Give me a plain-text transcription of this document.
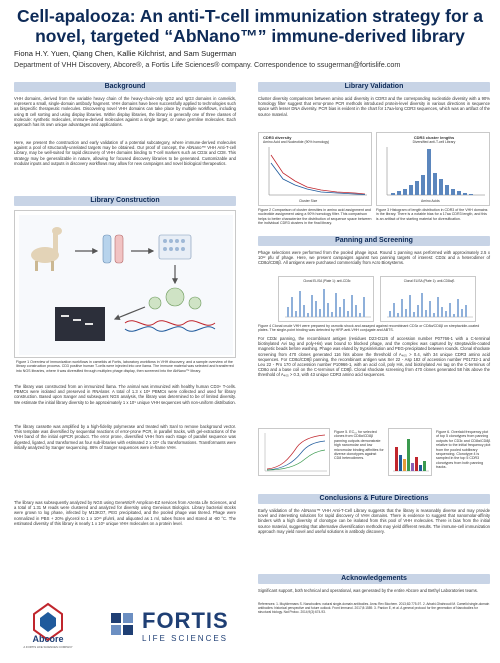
Cell-apalooza: An anti-T-cell immunization strategy for a
novel, targeted “AbNano™” immune-derived library
Fiona H.Y. Yuen, Qiang Chen, Kallie Kilchrist, and Sam Sugerman
Department of VHH Discovery, Abcore®, a Fortis Life Sciences® company. Correspondence to ssugerman@fortislife.com
Background
VHH domains, derived from the variable heavy chain of the heavy-chain-only IgG2 and IgG3 domains in camelids, represent a small, single-domain antibody fragment. VHH domains have been successfully applied to technologies such as bispecific therapeutic molecules. Discovering novel VHH domains can take place by multiple workflows, including using B cell sorting and using display libraries. Within display libraries, the library is generally one of three classes of molecule: synthetic molecules, immune-derived molecules against a single target, or naïve germline molecules. Each approach has its own unique advantages and applications.
Here, we present the construction and early validation of a potential subcategory, where immune-derived molecules against a pool of structurally-unrelated targets may be obtained. Our proof of concept, the AbNano™ VHH Anti-T-cell Library, may be well-suited for rapid discovery of VHH domains binding to T-cell markers such as CD3ε and CD8. This strategy may be generalizable in nature, allowing for focused discovery libraries to be generated. Customizable and modular inputs and outputs in discovery workflows may allow for new campaigns and novel biological therapeutics.
Library Construction
Figure 1 Overview of immunization workflows in camelids at Fortis, laboratory workflows in VHH discovery, and a sample overview of the library construction process. CD3 positive human T-cells were injected into one llama. The immune material was selected and transferred into NGS libraries, where it was diversified through multiplex phage display, then screened into the AbNano™ library.
The library was constructed from an immunized llama. The animal was immunized with healthy human CD3+ T-cells. PBMCs were isolated and preserved in RNAlater. A total of 1.3 x 10⁸ PBMCs were collected and used for library construction. Based upon Sanger and subsequent NGS analysis, the library was determined to be of limited diversity. We estimate the initial library diversity to be approximately 1 x 10⁹ unique VHH sequences with non-uniform distribution.
The library cassette was amplified by a high-fidelity polymerase and treated with Sanl to remove background vector. This template was diversified by sequential reactions of error-prone PCR, in parallel tracks, with gel-extractions of the VHH band of the initial epPCR product. The error prone, diversified VHH from each stage of parallel sequence was digested, ligated, and transformed as four sub-libraries with estimated 2 x 10⁹ cfu transformations. Transformants were initially analyzed by Sanger sequencing. 86% of Sanger sequences were in-frame VHH.
The library was subsequently analyzed by NGS using GeneWiz® Amplicon-EZ services from Azenta Life Sciences, and a total of 1.31 M reads were clustered and analyzed for diversity using Geneious Biologics. Library bacterial stocks were grown to log phase, infected by M13KO7, PEG precipitated, and the pooled phage was titered. Phage were normalized in PBS + 20% glycerol to 1 x 10¹³ pfu/ml, and aliquoted as 1 ml, tubes frozen and stored at -80 °C. The estimated diversity of this library is nearly 1 x 10⁹ unique VHH molecules on a protein level.
Abcore
A FORTIS LIFE SCIENCES COMPANY
FORTIS
LIFE SCIENCES
Library Validation
Cluster diversity comparisons between amino acid diversity in CDR3 and the corresponding nucleotide diversity with a 90% homology filter suggest that error-prone PCR methods introduced protein-level diversity in various directions in sequence space with lesser DNA diversity. PCR bias is evident in the chart for 17aa-long CDR3 sequences, which was an artifact of the source material.
CDR3 diversity
Amino Acid and Nucleotide (90% homology)
Cluster Size
CDR3 cluster lengths
Diversified anti-T-cell Library
Amino Acids
Figure 2 Comparison of cluster densities in amino acid assignment and nucleotide assignment using a 90% homology filter. This comparison helps to better characterize the distribution of sequence space between the individual CDR3 clusters in the final library.
Figure 3 Histogram of length distribution in CDR3 of the VHH domains in the library. There is a notable bias for a 17aa CDR3 length, and this is an artifact of the starting material for diversification.
Panning and Screening
Phage selections were performed from the pooled phage input. Round 1 panning was performed with approximately 2.5 x 10¹² pfu of phage. Here, we present campaigns against two panning targets of interest: CD3ε and a heterodimer of CD8α/CD8β. All antigens were purchased commercially from Acro Biosystems.
Clonal ELISA (Plate 1): anti-CD3ε	Clonal ELISA (Plate 1): anti-CD8α/β
Figure 4 Clonal crude VHH were prepared by osmotic shock and assayed against recombinant CD3ε or CD8α/CD8β on streptavidin-coated plates. The single-point binding was detected by HRP-anti-VHH conjugate and ABTS.
For CD3ε panning, the recombinant antigen (residues D23-D126 of accession number P07766-1 with a C-terminal biotinylated Avi tag and poly-His) was bound to blocked phage, and the complex was captured by streptavidin-coated magnetic beads before washing. Phage was eluted by trypsin/elution and PEG-precipitated between rounds. Clonal shockate screening from 470 clones generated 116 hits above the threshold of A₄₀₅ > 0.4, with 34 unique CDR3 amino acid sequences. For CD8α/CD8β panning, the recombinant antigen was Ser 22 - Asp 182 of accession number P01732-1 and Leu 22 - Pro 170 of accession number P10966-1, with an acid coil, poly His, and biotinylated Avi tag on the C-terminus of CD8α and a base coil on the C-terminus of CD8β. Clonal shockate screening from 470 clones generated 58 hits above the threshold of A₄₀₅ > 0.3, with 43 unique CDR3 amino acid sequences.
Figure 5. EC₅₀ for selected clones from CD8α/CD8β panning outputs demonstrate high nanomolar and low micromolar binding affinities for diverse clonotypes against CD8 heterodimers.
Figure 6. Overlaid frequency plot of top 5 clonotypes from panning outputs for CD3ε and CD8α/CD8β relative to the initial frequency plot from the pooled sublibrary sequencing. Clonotype 4 is sampled in the top 5 CDR3 clonotypes from both panning tracks.
Conclusions & Future Directions
Early validation of the AbNano™ VHH Anti-T-Cell Library suggests that the library is reasonably diverse and may provide novel and interesting solutions for rapid discovery of VHH domains. There is evidence to suggest that nanomolar-affinity binders with a high diversity of clonotype can be isolated from this pool of VHH molecules. There is bias from the initial source material, suggesting that alternative diversification methods may yield different results. The immune-cell immunization approach may yield novel and useful solutions in antibody discovery.
Acknowledgements
Significant support, both technical and operational, was generated by the entire Abcore and Bethyl Laboratories teams.
References: 1. Muyldermans S. Nanobodies: natural single-domain antibodies. Annu Rev Biochem. 2013;82:775-97. 2. Arbabi-Ghahroudi M. Camelid single-domain antibodies: historical perspective and future outlook. Front Immunol. 2017;8:1589. 3. Pardon E, et al. A general protocol for the generation of Nanobodies for structural biology. Nat Protoc. 2014;9(3):674-93.
